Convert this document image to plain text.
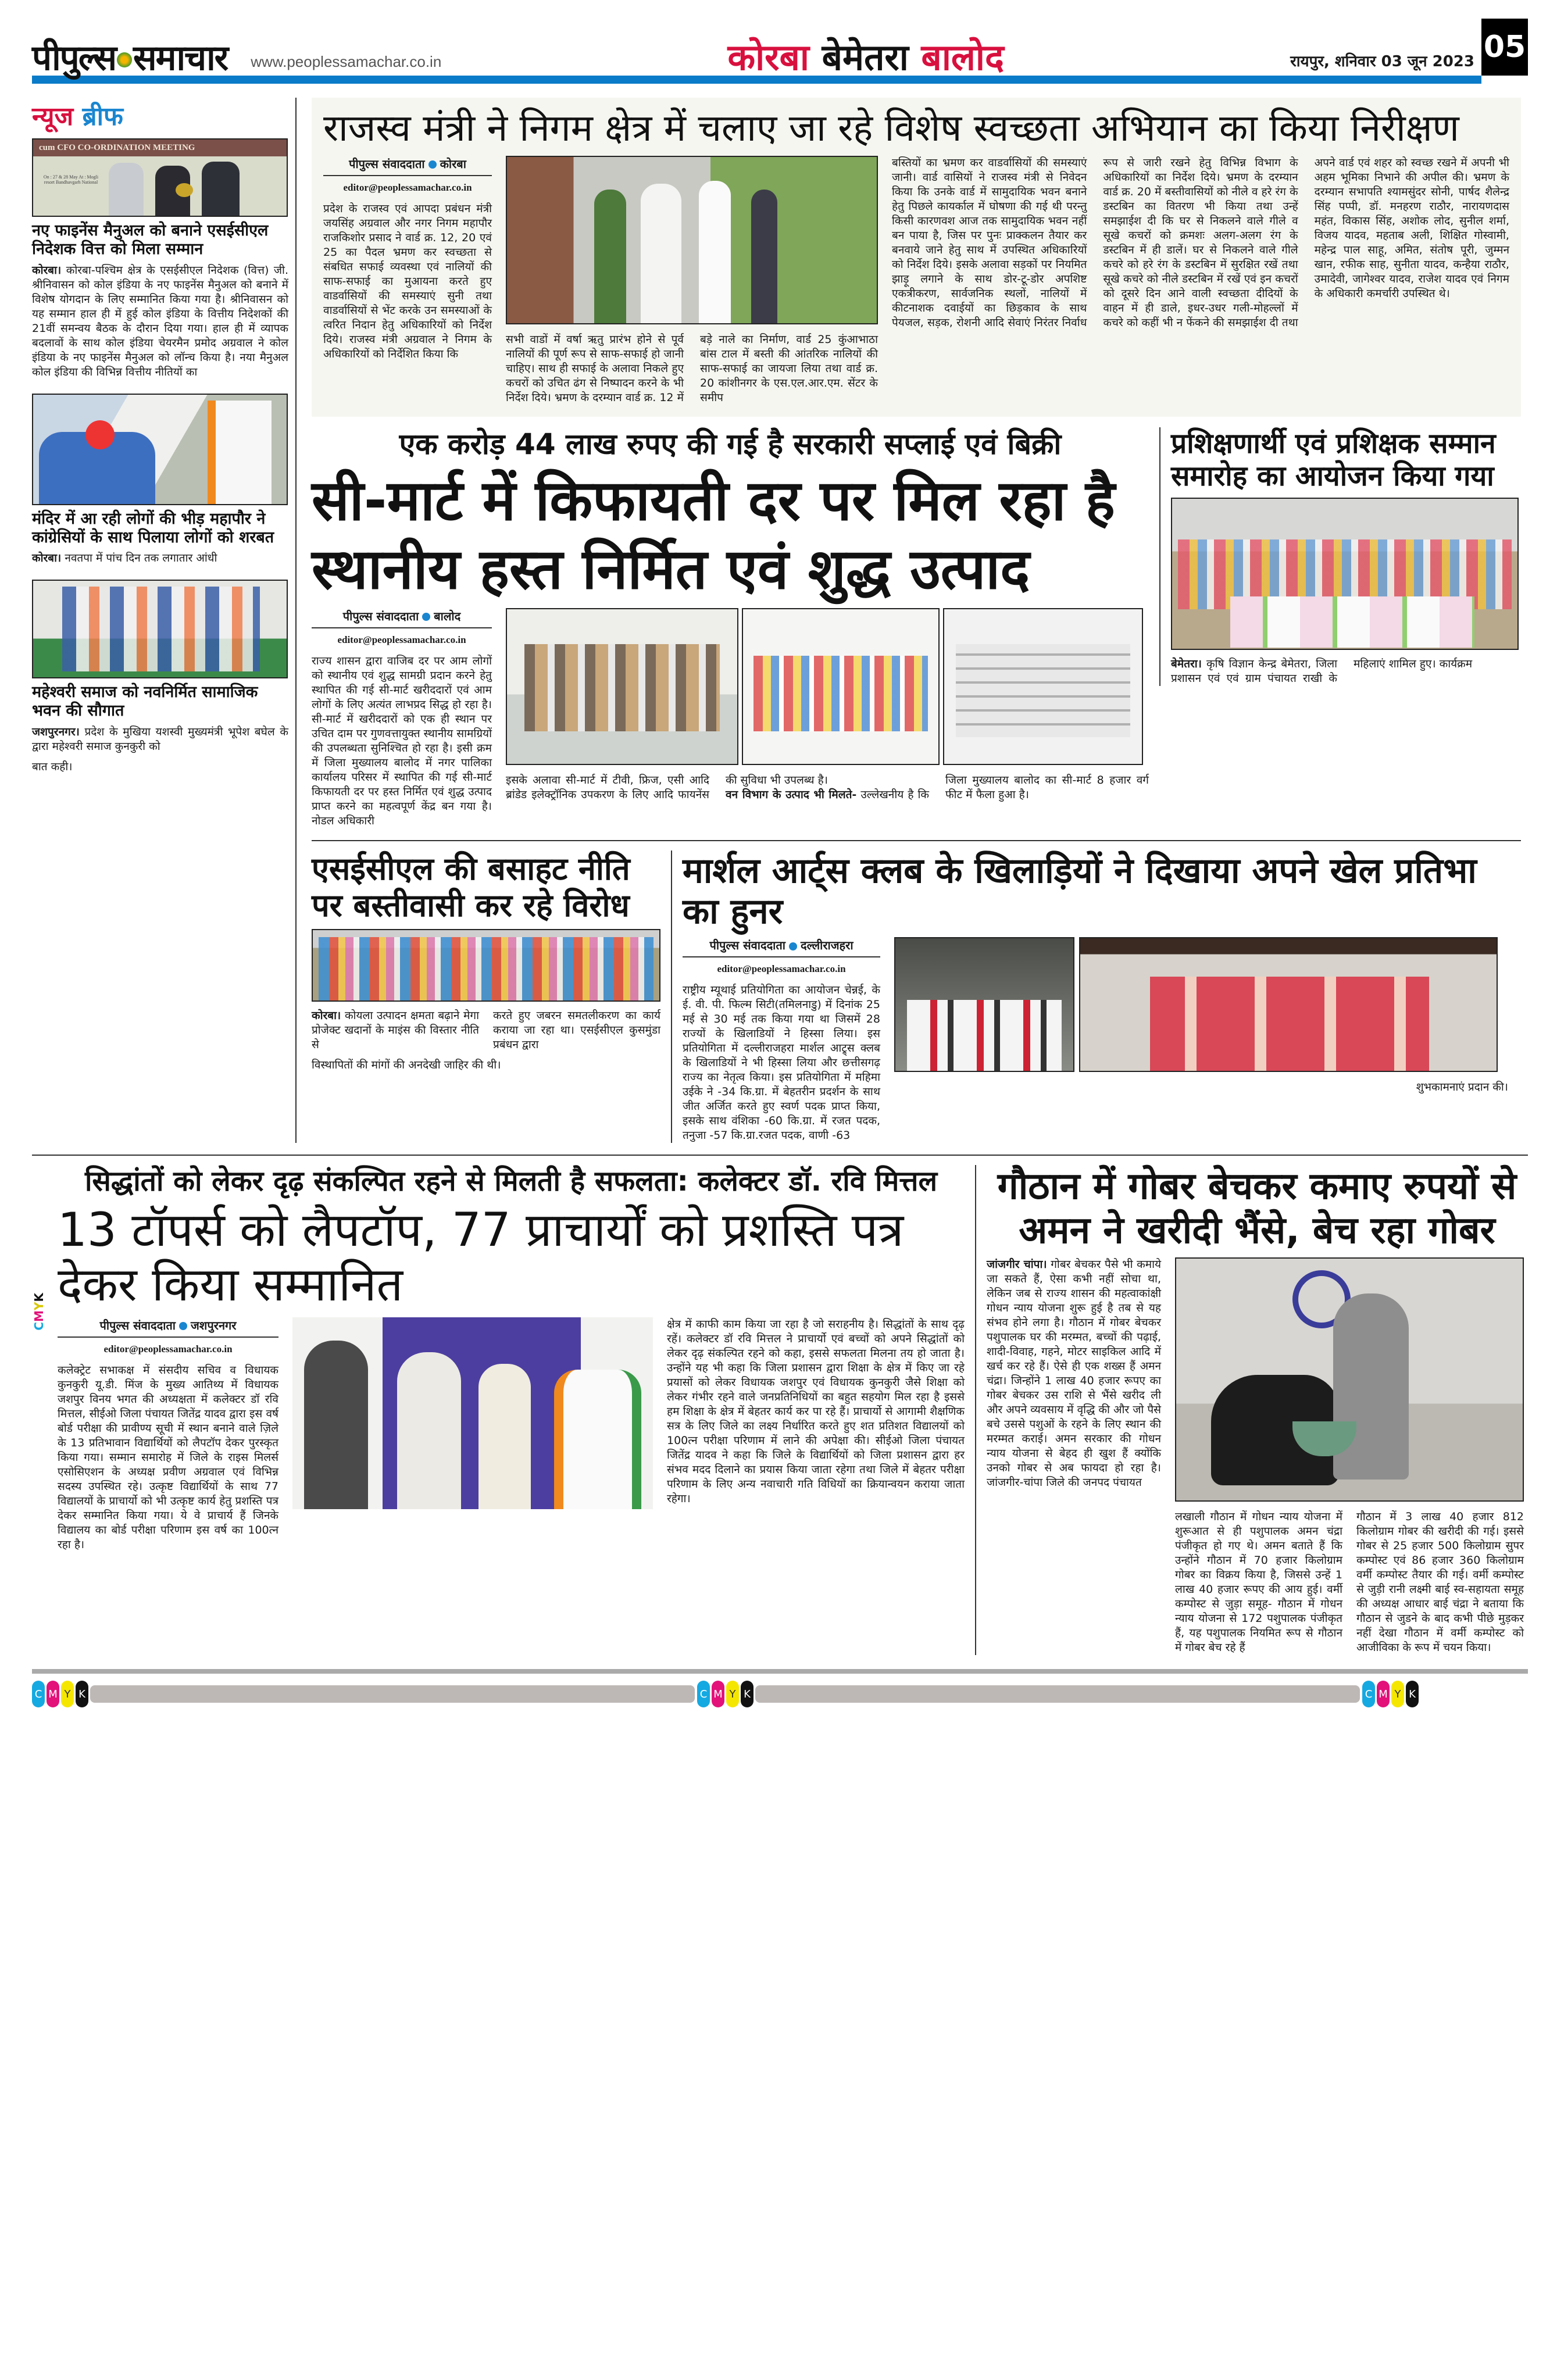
पीपुल्स समाचार www.peoplessamachar.co.in	कोरबा बेमेतरा बालोद	रायपुर, शनिवार 03 जून 2023 05
न्यूज ब्रीफ
cum CFO CO-ORDINATION MEETING
On : 27 & 28 May At : Mogli resort Bandhavgarh National
नए फाइनेंस मैनुअल को बनाने एसईसीएल निदेशक वित्त को मिला सम्मान
कोरबा। कोरबा-पश्चिम क्षेत्र के एसईसीएल निदेशक (वित्त) जी. श्रीनिवासन को कोल इंडिया के नए फाइनेंस मैनुअल को बनाने में विशेष योगदान के लिए सम्मानित किया गया है। श्रीनिवासन को यह सम्मान हाल ही में हुई कोल इंडिया के वित्तीय निदेशकों की 21वीं समन्वय बैठक के दौरान दिया गया। हाल ही में व्यापक बदलावों के साथ कोल इंडिया चेयरमैन प्रमोद अग्रवाल ने कोल इंडिया के नए फाइनेंस मैनुअल को लॉन्च किया है। नया मैनुअल कोल इंडिया की विभिन्न वित्तीय नीतियों का
मंदिर में आ रही लोगों की भीड़ महापौर ने कांग्रेसियों के साथ पिलाया लोगों को शरबत
कोरबा। नवतपा में पांच दिन तक लगातार आंधी
महेश्वरी समाज को नवनिर्मित सामाजिक भवन की सौगात
जशपुरनगर। प्रदेश के मुखिया यशस्वी मुख्यमंत्री भूपेश बघेल के द्वारा महेश्वरी समाज कुनकुरी को
बात कही।
राजस्व मंत्री ने निगम क्षेत्र में चलाए जा रहे विशेष स्वच्छता अभियान का किया निरीक्षण
पीपुल्स संवाददाता कोरबा
editor@peoplessamachar.co.in
प्रदेश के राजस्व एवं आपदा प्रबंधन मंत्री जयसिंह अग्रवाल और नगर निगम महापौर राजकिशोर प्रसाद ने वार्ड क्र. 12, 20 एवं 25 का पैदल भ्रमण कर स्वच्छता से संबधित सफाई व्यवस्था एवं नालियों की साफ-सफाई का मुआयना करते हुए वाडर्वासियों की समस्याएं सुनी तथा वाडर्वासियों से भेंट करके उन समस्याओं के त्वरित निदान हेतु अधिकारियों को निर्देश दिये। राजस्व मंत्री अग्रवाल ने निगम के अधिकारियों को निर्देशित किया कि
सभी वाडों में वर्षा ऋतु प्रारंभ होने से पूर्व नालियों की पूर्ण रूप से साफ-सफाई हो जानी चाहिए। साथ ही सफाई के अलावा निकले हुए कचरों को उचित ढंग से निष्पादन करने के भी निर्देश दिये। भ्रमण के दरम्यान वार्ड क्र. 12 में बड़े नाले का निर्माण, वार्ड 25 कुंआभाठा बांस टाल में बस्ती की आंतरिक नालियों की साफ-सफाई का जायजा लिया तथा वार्ड क्र. 20 कांशीनगर के एस.एल.आर.एम. सेंटर के समीप
बस्तियों का भ्रमण कर वाडर्वासियों की समस्याएं जानी। वार्ड वासियों ने राजस्व मंत्री से निवेदन किया कि उनके वार्ड में सामुदायिक भवन बनाने हेतु पिछले कायर्काल में घोषणा की गई थी परन्तु किसी कारणवश आज तक सामुदायिक भवन नहीं बन पाया है, जिस पर पुनः प्राक्कलन तैयार कर बनवाये जाने हेतु साथ में उपस्थित अधिकारियों को निर्देश दिये। इसके अलावा सड़कों पर नियमित झाड़ू लगाने के साथ डोर-टू-डोर अपशिष्ट एकत्रीकरण, सार्वजनिक स्थलों, नालियों में कीटनाशक दवाईयों का छिड़काव के साथ पेयजल, सड़क, रोशनी आदि सेवाएं निरंतर निर्वाध रूप से जारी रखने हेतु विभिन्न विभाग के अधिकारियों का निर्देश दिये। भ्रमण के दरम्यान वार्ड क्र. 20 में बस्तीवासियों को नीले व हरे रंग के डस्टबिन का वितरण भी किया तथा उन्हें समझाईश दी कि घर से निकलने वाले गीले व सूखे कचरों को क्रमशः अलग-अलग रंग के डस्टबिन में ही डालें। घर से निकलने वाले गीले कचरे को हरे रंग के डस्टबिन में सुरक्षित रखें तथा सूखे कचरे को नीले डस्टबिन में रखें एवं इन कचरों को दूसरे दिन आने वाली स्वच्छता दीदियों के वाहन में ही डाले, इधर-उधर गली-मोहल्लों में कचरे को कहीं भी न फेंकने की समझाईश दी तथा अपने वार्ड एवं शहर को स्वच्छ रखने में अपनी भी अहम भूमिका निभाने की अपील की। भ्रमण के दरम्यान सभापति श्यामसुंदर सोनी, पार्षद शैलेन्द्र सिंह पप्पी, डॉ. मनहरण राठौर, नारायणदास महंत, विकास सिंह, अशोक लोद, सुनील शर्मा, विजय यादव, महताब अली, शिक्षित गोस्वामी, महेन्द्र पाल साहू, अमित, संतोष पूरी, जुम्मन खान, रफीक साह, सुनीता यादव, कन्हैया राठौर, उमादेवी, जागेश्वर यादव, राजेश यादव एवं निगम के अधिकारी कमर्चारी उपस्थित थे।
एक करोड़ 44 लाख रुपए की गई है सरकारी सप्लाई एवं बिक्री
सी-मार्ट में किफायती दर पर मिल रहा है स्थानीय हस्त निर्मित एवं शुद्ध उत्पाद
पीपुल्स संवाददाता बालोद
editor@peoplessamachar.co.in
राज्य शासन द्वारा वाजिब दर पर आम लोगों को स्थानीय एवं शुद्ध सामग्री प्रदान करने हेतु स्थापित की गई सी-मार्ट खरीददारों एवं आम लोगों के लिए अत्यंत लाभप्रद सिद्ध हो रहा है। सी-मार्ट में खरीददारों को एक ही स्थान पर उचित दाम पर गुणवत्तायुक्त स्थानीय सामग्रियों की उपलब्धता सुनिश्चित हो रहा है। इसी क्रम में जिला मुख्यालय बालोद में नगर पालिका कार्यालय परिसर में स्थापित की गई सी-मार्ट किफायती दर पर हस्त निर्मित एवं शुद्ध उत्पाद प्राप्त करने का महत्वपूर्ण केंद्र बन गया है। नोडल अधिकारी
इसके अलावा सी-मार्ट में टीवी, फ्रिज, एसी आदि ब्रांडेड इलेक्ट्रॉनिक उपकरण के लिए आदि फायनेंस की सुविधा भी उपलब्ध है।
वन विभाग के उत्पाद भी मिलते- उल्लेखनीय है कि जिला मुख्यालय बालोद का सी-मार्ट 8 हजार वर्ग फीट में फैला हुआ है।
प्रशिक्षणार्थी एवं प्रशिक्षक सम्मान समारोह का आयोजन किया गया
बेमेतरा। कृषि विज्ञान केन्द्र बेमेतरा, जिला प्रशासन एवं एवं ग्राम पंचायत राखी के महिलाएं शामिल हुए। कार्यक्रम
एसईसीएल की बसाहट नीति पर बस्तीवासी कर रहे विरोध
कोरबा। कोयला उत्पादन क्षमता बढ़ाने मेगा प्रोजेक्ट खदानों के माइंस की विस्तार नीति से
करते हुए जबरन समतलीकरण का कार्य कराया जा रहा था। एसईसीएल कुसमुंडा प्रबंधन द्वारा
विस्थापितों की मांगों की अनदेखी जाहिर की थी।
मार्शल आर्ट्स क्लब के खिलाड़ियों ने दिखाया अपने खेल प्रतिभा का हुनर
पीपुल्स संवाददाता दल्लीराजहरा
editor@peoplessamachar.co.in
राष्ट्रीय म्यूथाई प्रतियोगिता का आयोजन चेन्नई, के ई. वी. पी. फिल्म सिटी(तमिलनाडु) में दिनांक 25 मई से 30 मई तक किया गया था जिसमें 28 राज्यों के खिलाडियों ने हिस्सा लिया। इस प्रतियोगिता में दल्लीराजहरा मार्शल आट्र्स क्लब के खिलाडियों ने भी हिस्सा लिया और छत्तीसगढ़ राज्य का नेतृत्व किया। इस प्रतियोगिता में महिमा उईके ने -34 कि.ग्रा. में बेहतरीन प्रदर्शन के साथ जीत अर्जित करते हुए स्वर्ण पदक प्राप्त किया, इसके साथ वंशिका -60 कि.ग्रा. में रजत पदक, तनुजा -57 कि.ग्रा.रजत पदक, वाणी -63
शुभकामनाएं प्रदान की।
CMYK
सिद्धांतों को लेकर दृढ़ संकल्पित रहने से मिलती है सफलता: कलेक्टर डॉ. रवि मित्तल
13 टॉपर्स को लैपटॉप, 77 प्राचार्यों को प्रशस्ति पत्र देकर किया सम्मानित
पीपुल्स संवाददाता जशपुरनगर
editor@peoplessamachar.co.in
कलेक्ट्रेट सभाकक्ष में संसदीय सचिव व विधायक कुनकुरी यू.डी. मिंज के मुख्य आतिथ्य में विधायक जशपुर विनय भगत की अध्यक्षता में कलेक्टर डॉ रवि मित्तल, सीईओ जिला पंचायत जितेंद्र यादव द्वारा इस वर्ष बोर्ड परीक्षा की प्रावीण्य सूची में स्थान बनाने वाले ज़िले के 13 प्रतिभावान विद्यार्थियों को लैपटॉप देकर पुरस्कृत किया गया। सम्मान समारोह में जिले के राइस मिलर्स एसोसिएशन के अध्यक्ष प्रवीण अग्रवाल एवं विभिन्न सदस्य उपस्थित रहे। उत्कृष्ट विद्यार्थियों के साथ 77 विद्यालयों के प्राचार्यो को भी उत्कृष्ट कार्य हेतु प्रशस्ति पत्र देकर सम्मानित किया गया। ये वे प्राचार्य हैं जिनके विद्यालय का बोर्ड परीक्षा परिणाम इस वर्ष का 100त्न रहा है।
क्षेत्र में काफी काम किया जा रहा है जो सराहनीय है। सिद्धांतों के साथ दृढ़ रहें। कलेक्टर डॉ रवि मित्तल ने प्राचार्यो एवं बच्चों को अपने सिद्धांतों को लेकर दृढ़ संकल्पित रहने को कहा, इससे सफलता मिलना तय हो जाता है। उन्होंने यह भी कहा कि जिला प्रशासन द्वारा शिक्षा के क्षेत्र में किए जा रहे प्रयासों को लेकर विधायक जशपुर एवं विधायक कुनकुरी जैसे शिक्षा को लेकर गंभीर रहने वाले जनप्रतिनिधियों का बहुत सहयोग मिल रहा है इससे हम शिक्षा के क्षेत्र में बेहतर कार्य कर पा रहे हैं। प्राचार्यो से आगामी शैक्षणिक सत्र के लिए जिले का लक्ष्य निर्धारित करते हुए शत प्रतिशत विद्यालयों को 100त्न परीक्षा परिणाम में लाने की अपेक्षा की। सीईओ जिला पंचायत जितेंद्र यादव ने कहा कि जिले के विद्यार्थियों को जिला प्रशासन द्वारा हर संभव मदद दिलाने का प्रयास किया जाता रहेगा तथा जिले में बेहतर परीक्षा परिणाम के लिए अन्य नवाचारी गति विधियों का क्रियान्वयन कराया जाता रहेगा।
गौठान में गोबर बेचकर कमाए रुपयों से अमन ने खरीदी भैंसे, बेच रहा गोबर
जांजगीर चांपा। गोबर बेचकर पैसे भी कमाये जा सकते हैं, ऐसा कभी नहीं सोचा था, लेकिन जब से राज्य शासन की महत्वाकांक्षी गोधन न्याय योजना शुरू हुई है तब से यह संभव होने लगा है। गौठान में गोबर बेचकर पशुपालक घर की मरम्मत, बच्चों की पढ़ाई, शादी-विवाह, गहने, मोटर साइकिल आदि में खर्च कर रहे हैं। ऐसे ही एक शख्स हैं अमन चंद्रा। जिन्होंने 1 लाख 40 हजार रूपए का गोबर बेचकर उस राशि से भैंसे खरीद ली और अपने व्यवसाय में वृद्धि की और जो पैसे बचे उससे पशुओं के रहने के लिए स्थान की मरम्मत कराई। अमन सरकार की गोधन न्याय योजना से बेहद ही खुश हैं क्योंकि उनको गोबर से अब फायदा हो रहा है। जांजगीर-चांपा जिले की जनपद पंचायत
लखाली गौठान में गोधन न्याय योजना में शुरूआत से ही पशुपालक अमन चंद्रा पंजीकृत हो गए थे। अमन बताते हैं कि उन्होंने गौठान में 70 हजार किलोग्राम गोबर का विक्रय किया है, जिससे उन्हें 1 लाख 40 हजार रूपए की आय हुई। वर्मी कम्पोस्ट से जुड़ा समूह- गौठान में गोधन न्याय योजना से 172 पशुपालक पंजीकृत हैं, यह पशुपालक नियमित रूप से गौठान में गोबर बेच रहे हैं
गौठान में 3 लाख 40 हजार 812 किलोग्राम गोबर की खरीदी की गई। इससे गोबर से 25 हजार 500 किलोग्राम सुपर कम्पोस्ट एवं 86 हजार 360 किलोग्राम वर्मी कम्पोस्ट तैयार की गई। वर्मी कम्पोस्ट से जुड़ी रानी लक्ष्मी बाई स्व-सहायता समूह की अध्यक्ष आधार बाई चंद्रा ने बताया कि गौठान से जुडने के बाद कभी पीछे मुड़कर नहीं देखा गौठान में वर्मी कम्पोस्ट को आजीविका के रूप में चयन किया।
C M Y K	C M Y K	C M Y K
